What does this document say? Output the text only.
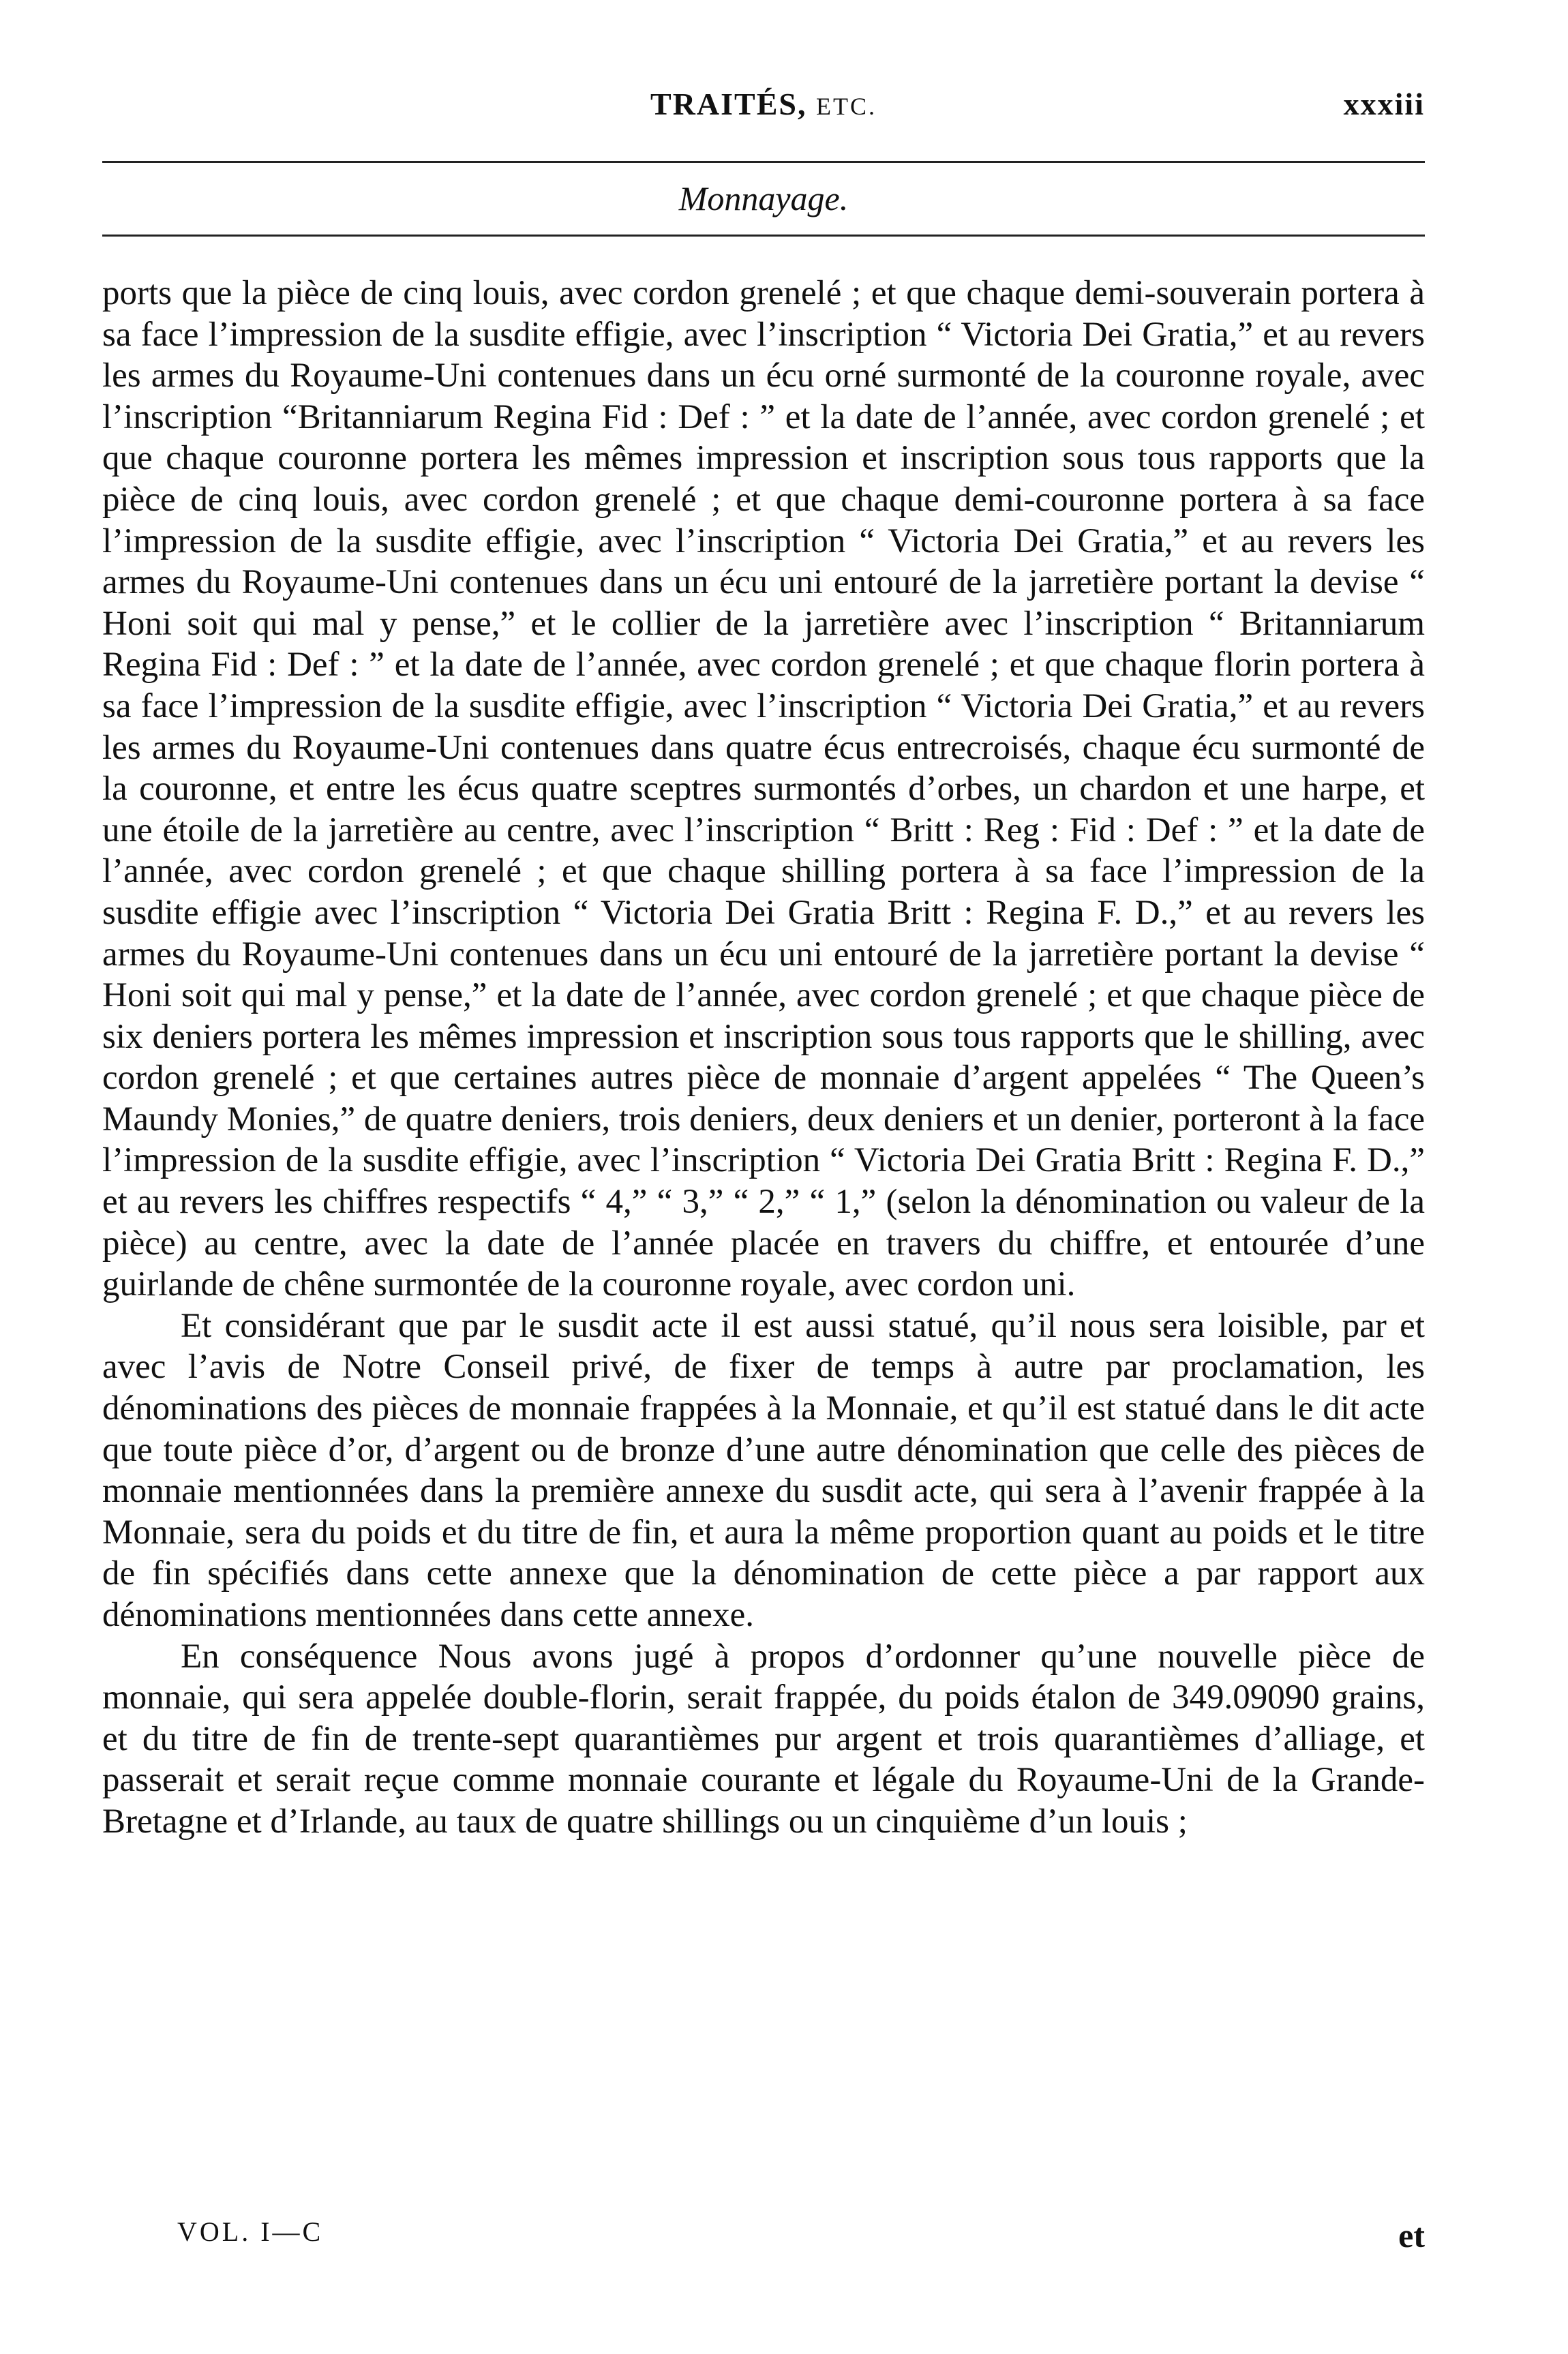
TRAITÉS, ETC.	xxxiii
Monnayage.

ports que la pièce de cinq louis, avec cordon grenelé ; et que chaque demi-souverain portera à sa face l’impression de la susdite effigie, avec l’inscription “ Victoria Dei Gratia,” et au revers les armes du Royaume-Uni contenues dans un écu orné surmonté de la couronne royale, avec l’inscription “Britanniarum Regina Fid : Def : ” et la date de l’année, avec cordon grenelé ; et que chaque couronne portera les mêmes impression et inscription sous tous rapports que la pièce de cinq louis, avec cordon grenelé ; et que chaque demi-couronne portera à sa face l’impression de la susdite effigie, avec l’inscription “ Victoria Dei Gratia,” et au revers les armes du Royaume-Uni contenues dans un écu uni entouré de la jarretière portant la devise “ Honi soit qui mal y pense,” et le collier de la jarretière avec l’inscription “ Britanniarum Regina Fid : Def : ” et la date de l’année, avec cordon grenelé ; et que chaque florin portera à sa face l’impression de la susdite effigie, avec l’inscription “ Victoria Dei Gratia,” et au revers les armes du Royaume-Uni contenues dans quatre écus entrecroisés, chaque écu surmonté de la couronne, et entre les écus quatre sceptres surmontés d’orbes, un chardon et une harpe, et une étoile de la jarretière au centre, avec l’inscription “ Britt : Reg : Fid : Def : ” et la date de l’année, avec cordon grenelé ; et que chaque shilling portera à sa face l’impression de la susdite effigie avec l’inscription “ Victoria Dei Gratia Britt : Regina F. D.,” et au revers les armes du Royaume-Uni contenues dans un écu uni entouré de la jarretière portant la devise “ Honi soit qui mal y pense,” et la date de l’année, avec cordon grenelé ; et que chaque pièce de six deniers portera les mêmes impression et inscription sous tous rapports que le shilling, avec cordon grenelé ; et que certaines autres pièce de monnaie d’argent appelées “ The Queen’s Maundy Monies,” de quatre deniers, trois deniers, deux deniers et un denier, porteront à la face l’impression de la susdite effigie, avec l’inscription “ Victoria Dei Gratia Britt : Regina F. D.,” et au revers les chiffres respectifs “ 4,” “ 3,” “ 2,” “ 1,” (selon la dénomination ou valeur de la pièce) au centre, avec la date de l’année placée en travers du chiffre, et entourée d’une guirlande de chêne surmontée de la couronne royale, avec cordon uni.

Et considérant que par le susdit acte il est aussi statué, qu’il nous sera loisible, par et avec l’avis de Notre Conseil privé, de fixer de temps à autre par proclamation, les dénominations des pièces de monnaie frappées à la Monnaie, et qu’il est statué dans le dit acte que toute pièce d’or, d’argent ou de bronze d’une autre dénomination que celle des pièces de monnaie mentionnées dans la première annexe du susdit acte, qui sera à l’avenir frappée à la Monnaie, sera du poids et du titre de fin, et aura la même proportion quant au poids et le titre de fin spécifiés dans cette annexe que la dénomination de cette pièce a par rapport aux dénominations mentionnées dans cette annexe.

En conséquence Nous avons jugé à propos d’ordonner qu’une nouvelle pièce de monnaie, qui sera appelée double-florin, serait frappée, du poids étalon de 349.09090 grains, et du titre de fin de trente-sept quarantièmes pur argent et trois quarantièmes d’alliage, et passerait et serait reçue comme monnaie courante et légale du Royaume-Uni de la Grande-Bretagne et d’Irlande, au taux de quatre shillings ou un cinquième d’un louis ;

VOL. I—C	et
